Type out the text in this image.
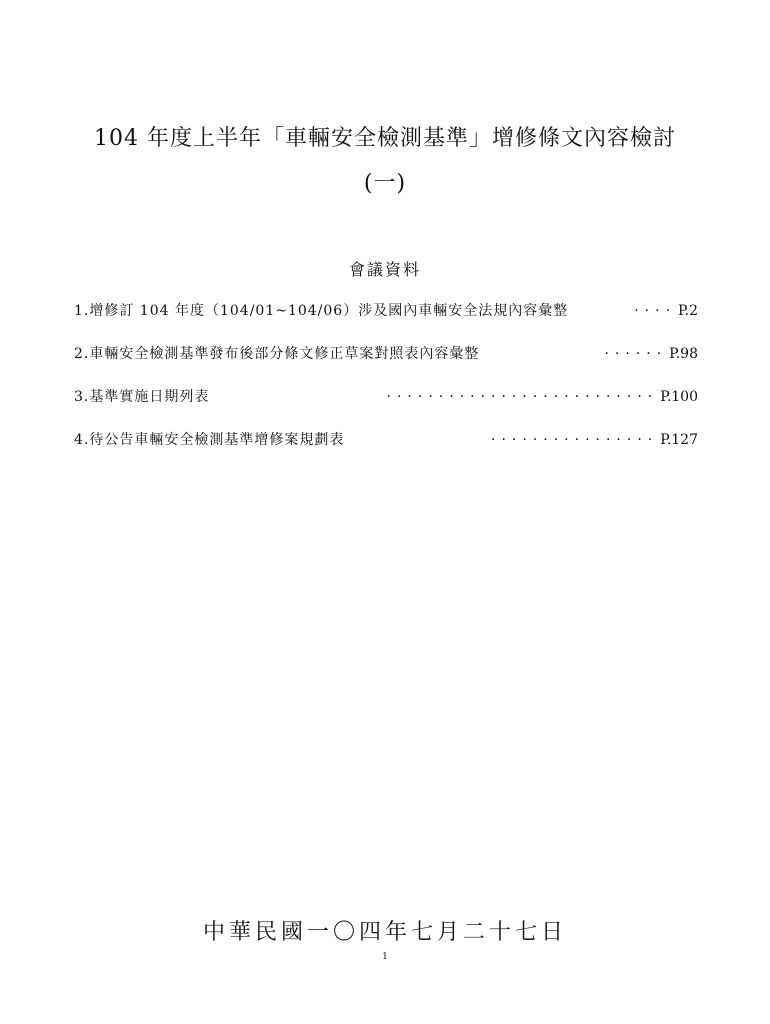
104 年度上半年「車輛安全檢測基準」增修條文內容檢討
(一)
會議資料
1.增修訂 104 年度（104/01~104/06）涉及國內車輛安全法規內容彙整	···· P.2
2.車輛安全檢測基準發布後部分條文修正草案對照表內容彙整	······ P.98
3.基準實施日期列表	·························· P.100
4.待公告車輛安全檢測基準增修案規劃表	················ P.127
中華民國一〇四年七月二十七日
1
